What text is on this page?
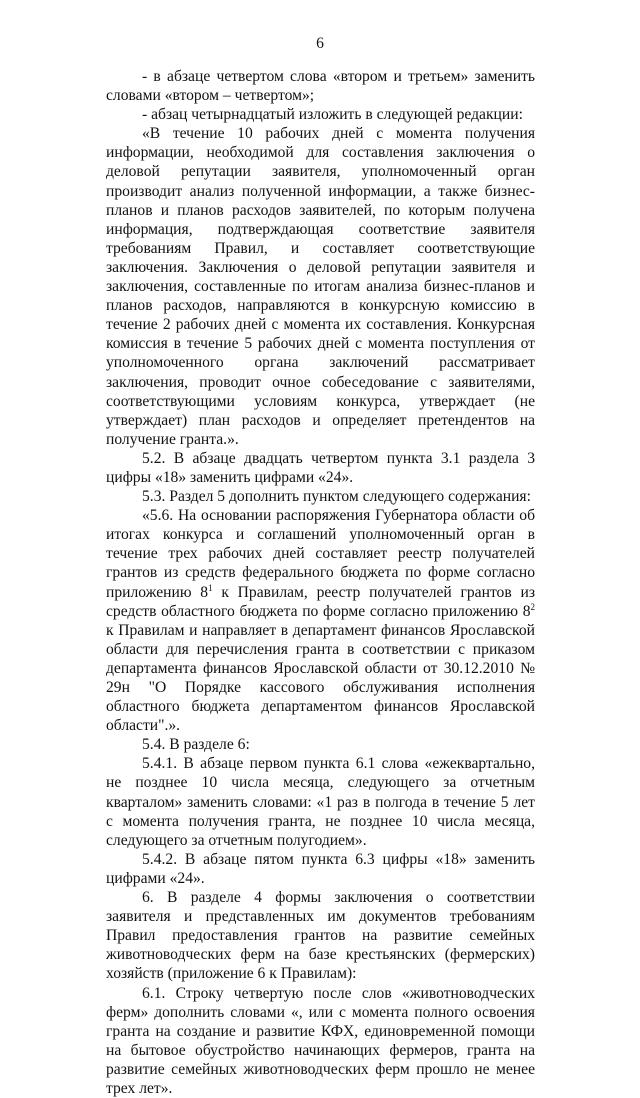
6

- в абзаце четвертом слова «втором и третьем» заменить словами «втором – четвертом»;

- абзац четырнадцатый изложить в следующей редакции:

«В течение 10 рабочих дней с момента получения информации, необходимой для составления заключения о деловой репутации заявителя, уполномоченный орган производит анализ полученной информации, а также бизнес-планов и планов расходов заявителей, по которым получена информация, подтверждающая соответствие заявителя требованиям Правил, и составляет соответствующие заключения. Заключения о деловой репутации заявителя и заключения, составленные по итогам анализа бизнес-планов и планов расходов, направляются в конкурсную комиссию в течение 2 рабочих дней с момента их составления. Конкурсная комиссия в течение 5 рабочих дней с момента поступления от уполномоченного органа заключений рассматривает заключения, проводит очное собеседование с заявителями, соответствующими условиям конкурса, утверждает (не утверждает) план расходов и определяет претендентов на получение гранта.».

5.2. В абзаце двадцать четвертом пункта 3.1 раздела 3 цифры «18» заменить цифрами «24».

5.3. Раздел 5 дополнить пунктом следующего содержания:

«5.6. На основании распоряжения Губернатора области об итогах конкурса и соглашений уполномоченный орган в течение трех рабочих дней составляет реестр получателей грантов из средств федерального бюджета по форме согласно приложению $8^1$ к Правилам, реестр получателей грантов из средств областного бюджета по форме согласно приложению $8^2$ к Правилам и направляет в департамент финансов Ярославской области для перечисления гранта в соответствии с приказом департамента финансов Ярославской области от 30.12.2010 № 29н "О Порядке кассового обслуживания исполнения областного бюджета департаментом финансов Ярославской области".».

5.4. В разделе 6:

5.4.1. В абзаце первом пункта 6.1 слова «ежеквартально, не позднее 10 числа месяца, следующего за отчетным кварталом» заменить словами: «1 раз в полгода в течение 5 лет с момента получения гранта, не позднее 10 числа месяца, следующего за отчетным полугодием».

5.4.2. В абзаце пятом пункта 6.3 цифры «18» заменить цифрами «24».

6. В разделе 4 формы заключения о соответствии заявителя и представленных им документов требованиям Правил предоставления грантов на развитие семейных животноводческих ферм на базе крестьянских (фермерских) хозяйств (приложение 6 к Правилам):

6.1. Строку четвертую после слов «животноводческих ферм» дополнить словами «, или с момента полного освоения гранта на создание и развитие КФХ, единовременной помощи на бытовое обустройство начинающих фермеров, гранта на развитие семейных животноводческих ферм прошло не менее трех лет».
